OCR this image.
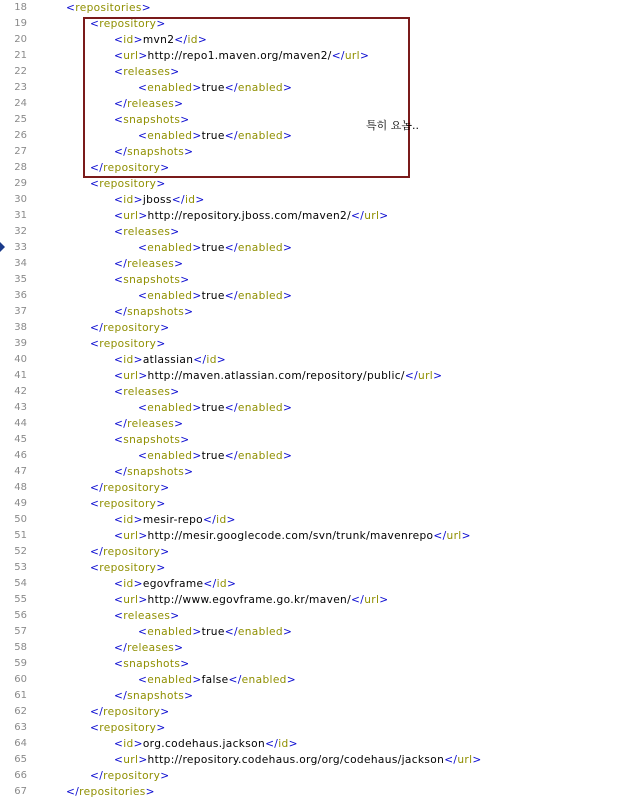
18	<repositories>
19	<repository>
20	<id>mvn2</id>
21	<url>http://repo1.maven.org/maven2/</url>
22	<releases>
23	<enabled>true</enabled>
24	</releases>
25	<snapshots>
26	<enabled>true</enabled>
27	</snapshots>
28	</repository>
29	<repository>
30	<id>jboss</id>
31	<url>http://repository.jboss.com/maven2/</url>
32	<releases>
33	<enabled>true</enabled>
34	</releases>
35	<snapshots>
36	<enabled>true</enabled>
37	</snapshots>
38	</repository>
39	<repository>
40	<id>atlassian</id>
41	<url>http://maven.atlassian.com/repository/public/</url>
42	<releases>
43	<enabled>true</enabled>
44	</releases>
45	<snapshots>
46	<enabled>true</enabled>
47	</snapshots>
48	</repository>
49	<repository>
50	<id>mesir-repo</id>
51	<url>http://mesir.googlecode.com/svn/trunk/mavenrepo</url>
52	</repository>
53	<repository>
54	<id>egovframe</id>
55	<url>http://www.egovframe.go.kr/maven/</url>
56	<releases>
57	<enabled>true</enabled>
58	</releases>
59	<snapshots>
60	<enabled>false</enabled>
61	</snapshots>
62	</repository>
63	<repository>
64	<id>org.codehaus.jackson</id>
65	<url>http://repository.codehaus.org/org/codehaus/jackson</url>
66	</repository>
67	</repositories>
특히 요놈..
